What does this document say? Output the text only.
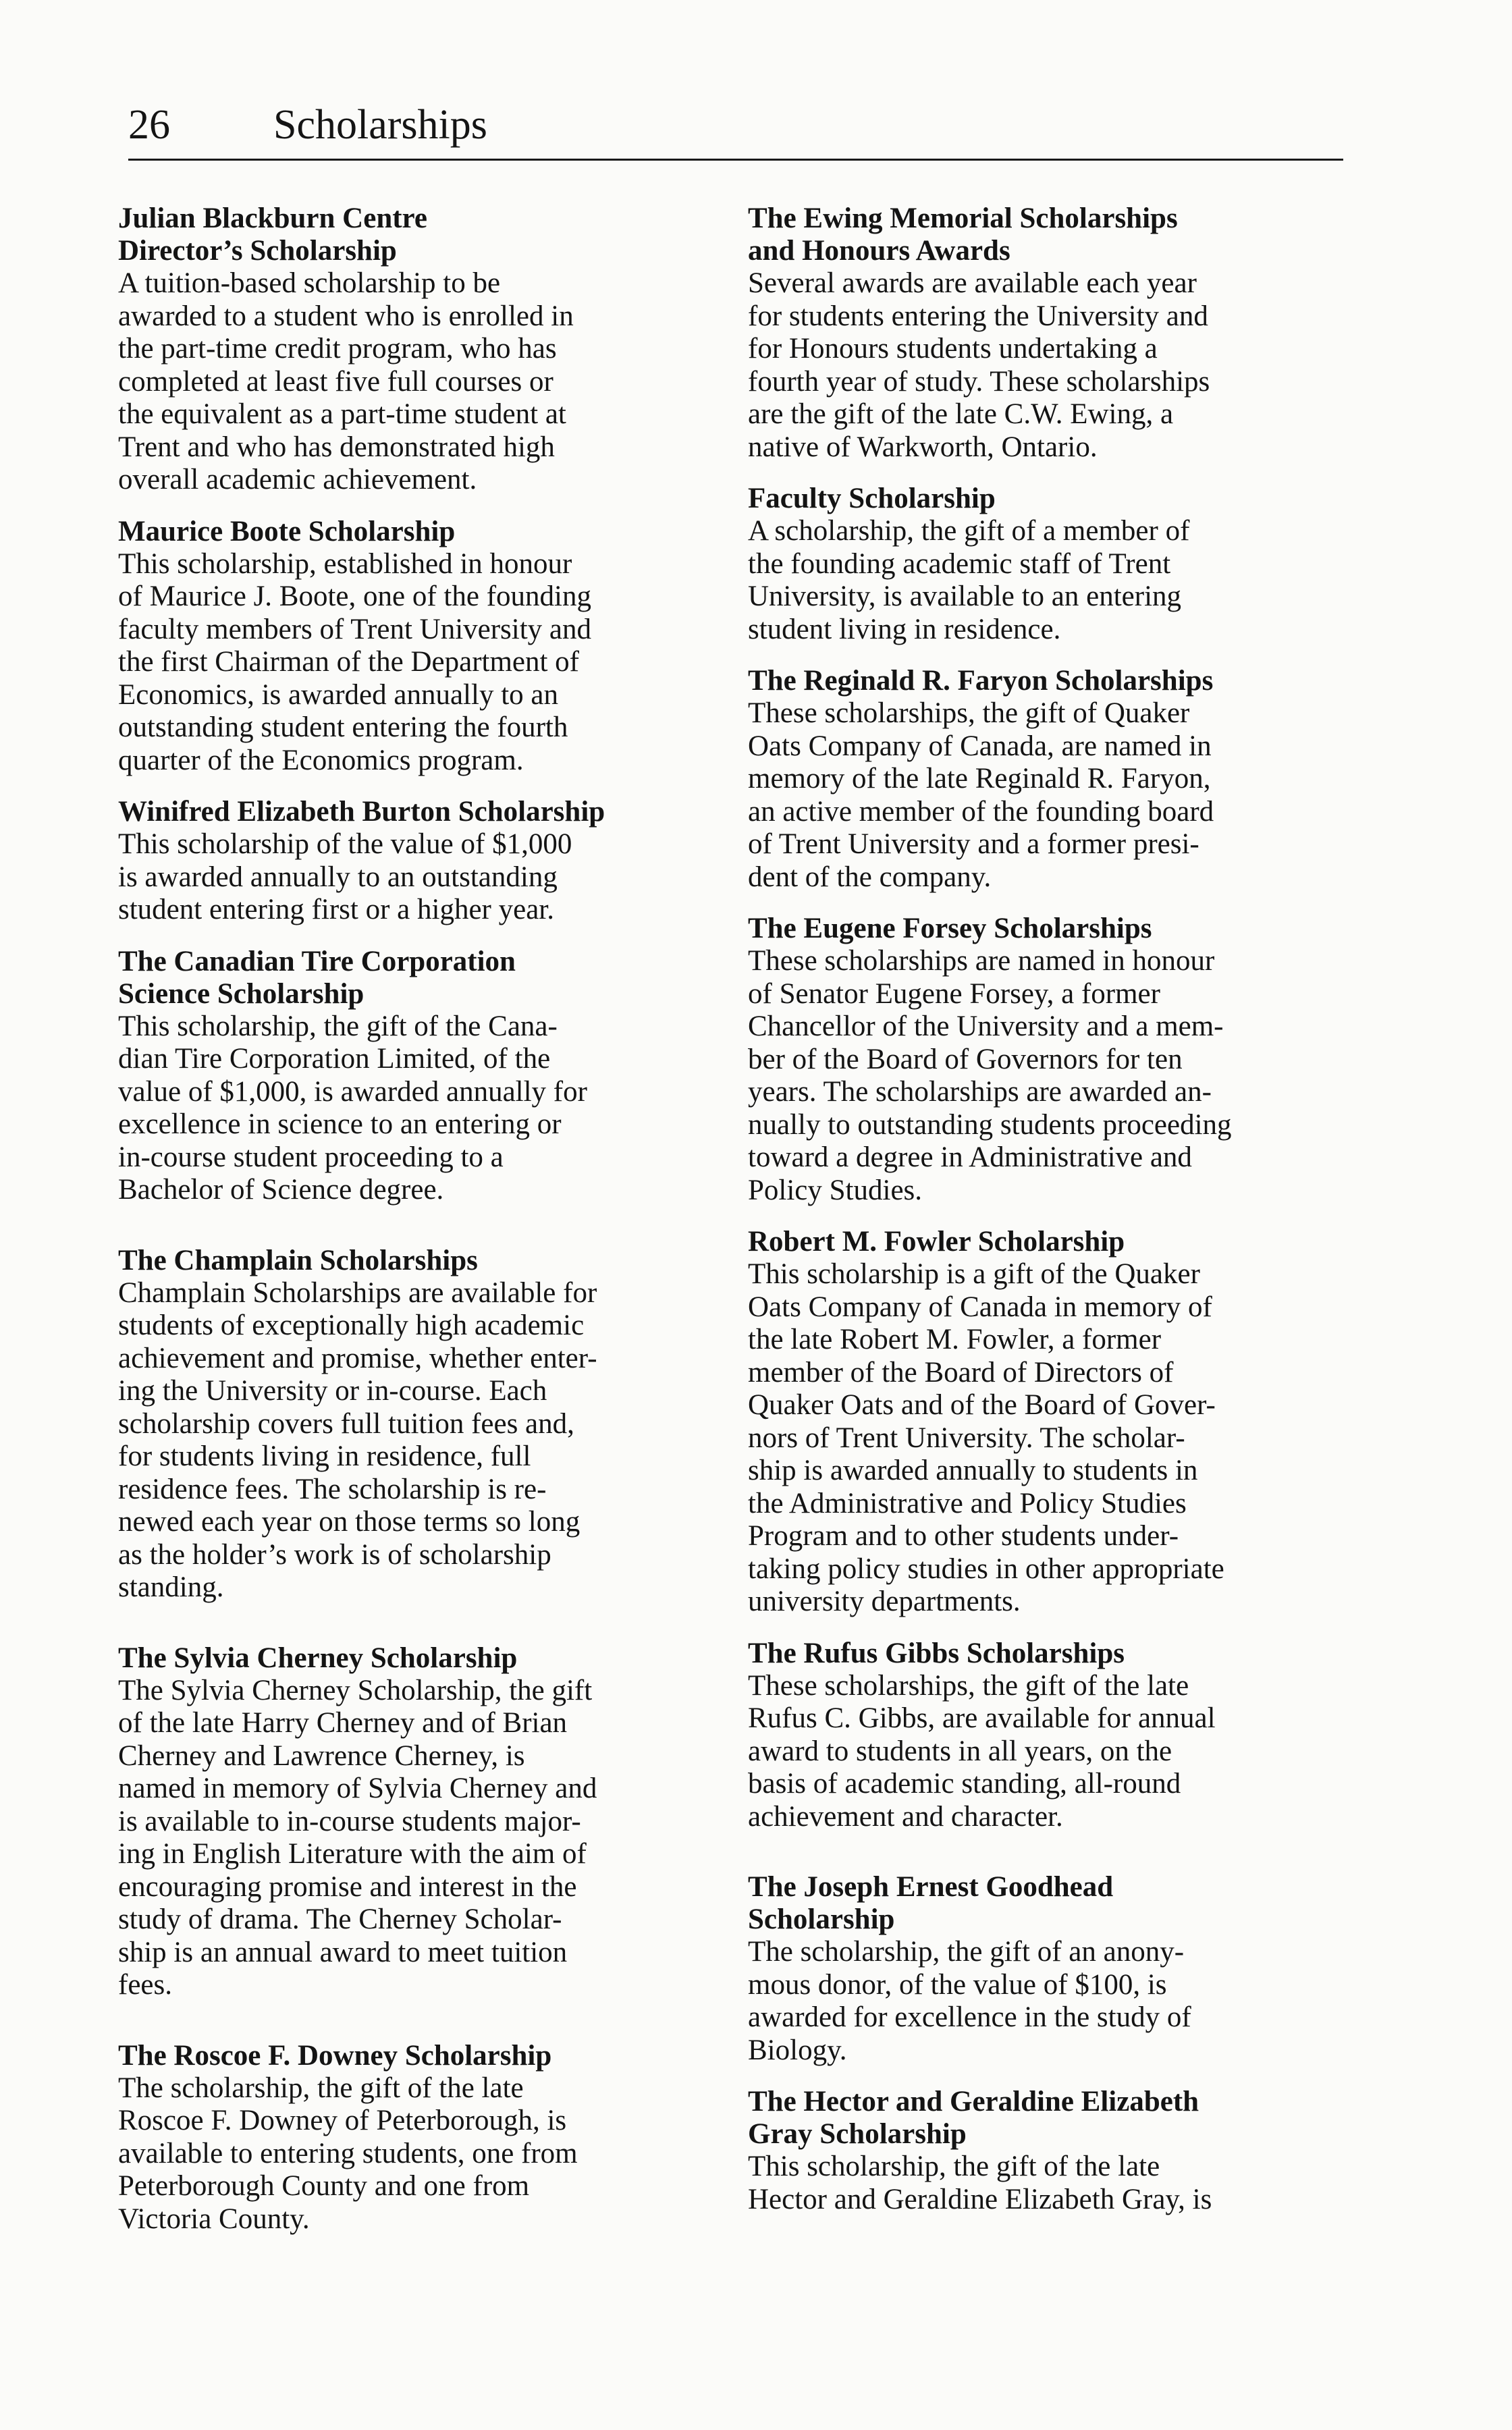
26 Scholarships
Julian Blackburn Centre
Director’s Scholarship
A tuition-based scholarship to be
awarded to a student who is enrolled in
the part-time credit program, who has
completed at least five full courses or
the equivalent as a part-time student at
Trent and who has demonstrated high
overall academic achievement.
Maurice Boote Scholarship
This scholarship, established in honour
of Maurice J. Boote, one of the founding
faculty members of Trent University and
the first Chairman of the Department of
Economics, is awarded annually to an
outstanding student entering the fourth
quarter of the Economics program.
Winifred Elizabeth Burton Scholarship
This scholarship of the value of $1,000
is awarded annually to an outstanding
student entering first or a higher year.
The Canadian Tire Corporation
Science Scholarship
This scholarship, the gift of the Cana-
dian Tire Corporation Limited, of the
value of $1,000, is awarded annually for
excellence in science to an entering or
in-course student proceeding to a
Bachelor of Science degree.
The Champlain Scholarships
Champlain Scholarships are available for
students of exceptionally high academic
achievement and promise, whether enter-
ing the University or in-course. Each
scholarship covers full tuition fees and,
for students living in residence, full
residence fees. The scholarship is re-
newed each year on those terms so long
as the holder’s work is of scholarship
standing.
The Sylvia Cherney Scholarship
The Sylvia Cherney Scholarship, the gift
of the late Harry Cherney and of Brian
Cherney and Lawrence Cherney, is
named in memory of Sylvia Cherney and
is available to in-course students major-
ing in English Literature with the aim of
encouraging promise and interest in the
study of drama. The Cherney Scholar-
ship is an annual award to meet tuition
fees.
The Roscoe F. Downey Scholarship
The scholarship, the gift of the late
Roscoe F. Downey of Peterborough, is
available to entering students, one from
Peterborough County and one from
Victoria County.
The Ewing Memorial Scholarships
and Honours Awards
Several awards are available each year
for students entering the University and
for Honours students undertaking a
fourth year of study. These scholarships
are the gift of the late C.W. Ewing, a
native of Warkworth, Ontario.
Faculty Scholarship
A scholarship, the gift of a member of
the founding academic staff of Trent
University, is available to an entering
student living in residence.
The Reginald R. Faryon Scholarships
These scholarships, the gift of Quaker
Oats Company of Canada, are named in
memory of the late Reginald R. Faryon,
an active member of the founding board
of Trent University and a former presi-
dent of the company.
The Eugene Forsey Scholarships
These scholarships are named in honour
of Senator Eugene Forsey, a former
Chancellor of the University and a mem-
ber of the Board of Governors for ten
years. The scholarships are awarded an-
nually to outstanding students proceeding
toward a degree in Administrative and
Policy Studies.
Robert M. Fowler Scholarship
This scholarship is a gift of the Quaker
Oats Company of Canada in memory of
the late Robert M. Fowler, a former
member of the Board of Directors of
Quaker Oats and of the Board of Gover-
nors of Trent University. The scholar-
ship is awarded annually to students in
the Administrative and Policy Studies
Program and to other students under-
taking policy studies in other appropriate
university departments.
The Rufus Gibbs Scholarships
These scholarships, the gift of the late
Rufus C. Gibbs, are available for annual
award to students in all years, on the
basis of academic standing, all-round
achievement and character.
The Joseph Ernest Goodhead
Scholarship
The scholarship, the gift of an anony-
mous donor, of the value of $100, is
awarded for excellence in the study of
Biology.
The Hector and Geraldine Elizabeth
Gray Scholarship
This scholarship, the gift of the late
Hector and Geraldine Elizabeth Gray, is
